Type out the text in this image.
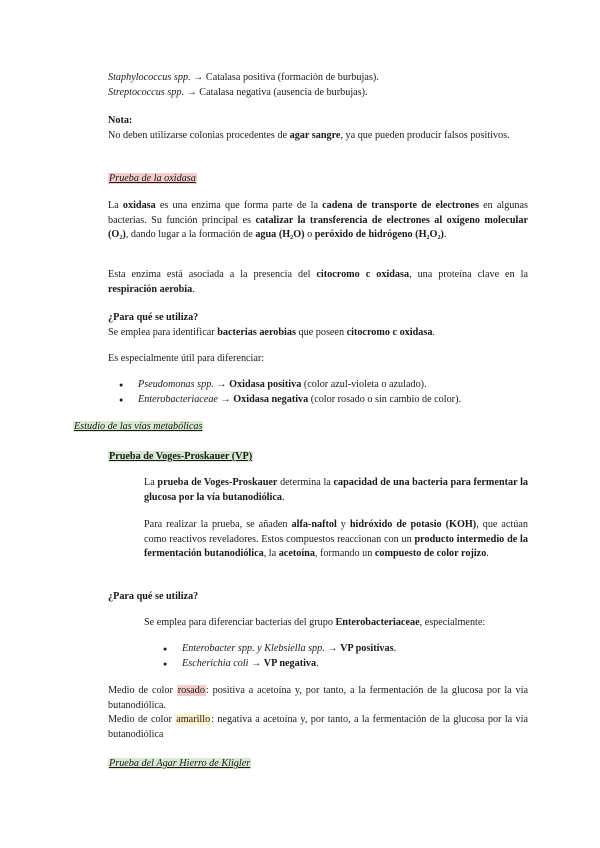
Staphylococcus spp. → Catalasa positiva (formación de burbujas).
Streptococcus spp. → Catalasa negativa (ausencia de burbujas).
Nota:
No deben utilizarse colonias procedentes de agar sangre, ya que pueden producir falsos positivos.
Prueba de la oxidasa
La oxidasa es una enzima que forma parte de la cadena de transporte de electrones en algunas bacterias. Su función principal es catalizar la transferencia de electrones al oxígeno molecular (O₂), dando lugar a la formación de agua (H₂O) o peróxido de hidrógeno (H₂O₂).
Esta enzima está asociada a la presencia del citocromo c oxidasa, una proteína clave en la respiración aerobia.
¿Para qué se utiliza?
Se emplea para identificar bacterias aerobias que poseen citocromo c oxidasa.
Es especialmente útil para diferenciar:
● Pseudomonas spp. → Oxidasa positiva (color azul-violeta o azulado).
● Enterobacteriaceae → Oxidasa negativa (color rosado o sin cambio de color).
Estudio de las vías metabólicas
Prueba de Voges-Proskauer (VP)
La prueba de Voges-Proskauer determina la capacidad de una bacteria para fermentar la glucosa por la vía butanodiólica.
Para realizar la prueba, se añaden alfa-naftol y hidróxido de potasio (KOH), que actúan como reactivos reveladores. Estos compuestos reaccionan con un producto intermedio de la fermentación butanodiólica, la acetoína, formando un compuesto de color rojizo.
¿Para qué se utiliza?
Se emplea para diferenciar bacterias del grupo Enterobacteriaceae, especialmente:
● Enterobacter spp. y Klebsiella spp. → VP positivas.
● Escherichia coli → VP negativa.
Medio de color rosado: positiva a acetoína y, por tanto, a la fermentación de la glucosa por la vía butanodiólica.
Medio de color amarillo: negativa a acetoína y, por tanto, a la fermentación de la glucosa por la vía butanodiólica
Prueba del Agar Hierro de Kligler
